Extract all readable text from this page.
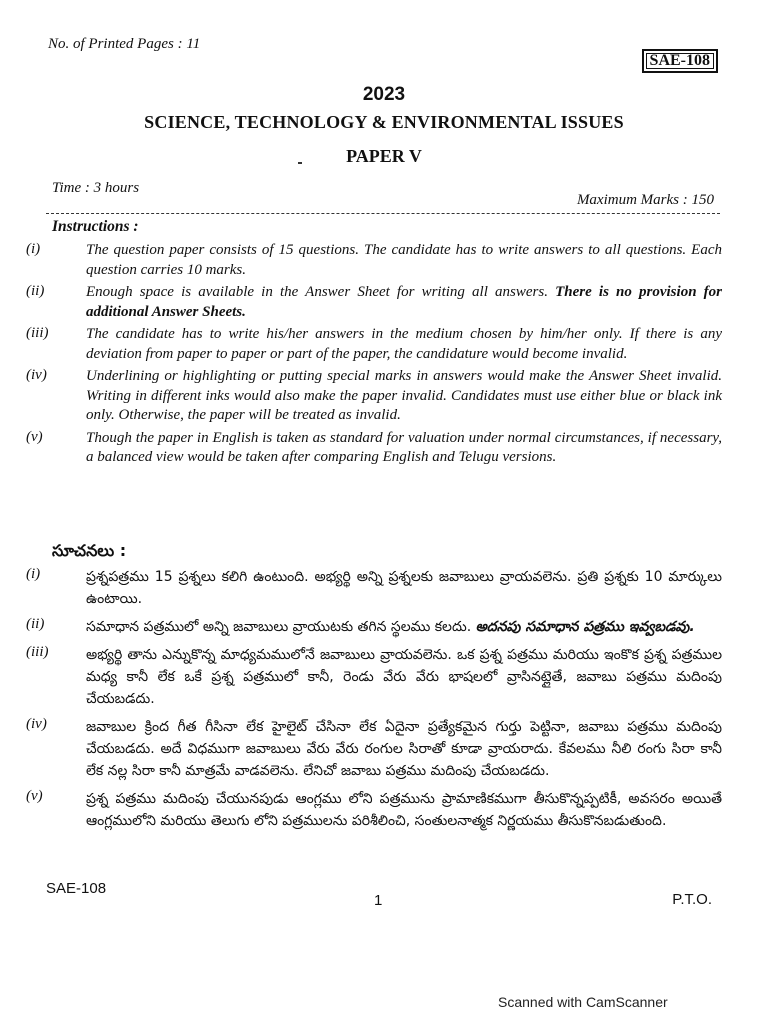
No. of Printed Pages : 11
SAE-108
2023
SCIENCE, TECHNOLOGY & ENVIRONMENTAL ISSUES
PAPER V
Time : 3 hours
Maximum Marks : 150
Instructions :
(i)	The question paper consists of 15 questions. The candidate has to write answers to all questions. Each question carries 10 marks.
(ii)	Enough space is available in the Answer Sheet for writing all answers. There is no provision for additional Answer Sheets.
(iii)	The candidate has to write his/her answers in the medium chosen by him/her only. If there is any deviation from paper to paper or part of the paper, the candidature would become invalid.
(iv)	Underlining or highlighting or putting special marks in answers would make the Answer Sheet invalid. Writing in different inks would also make the paper invalid. Candidates must use either blue or black ink only. Otherwise, the paper will be treated as invalid.
(v)	Though the paper in English is taken as standard for valuation under normal circumstances, if necessary, a balanced view would be taken after comparing English and Telugu versions.
సూచనలు :
(i)	ప్రశ్నపత్రము 15 ప్రశ్నలు కలిగి ఉంటుంది. అభ్యర్థి అన్ని ప్రశ్నలకు జవాబులు వ్రాయవలెను. ప్రతి ప్రశ్నకు 10 మార్కులు ఉంటాయి.
(ii)	సమాధాన పత్రములో అన్ని జవాబులు వ్రాయుటకు తగిన స్థలము కలదు. అదనపు సమాధాన పత్రము ఇవ్వబడవు.
(iii)	అభ్యర్థి తాను ఎన్నుకొన్న మాధ్యమములోనే జవాబులు వ్రాయవలెను. ఒక ప్రశ్న పత్రము మరియు ఇంకొక ప్రశ్న పత్రముల మధ్య కానీ లేక ఒకే ప్రశ్న పత్రములో కానీ, రెండు వేరు వేరు భాషలలో వ్రాసినట్లైతే, జవాబు పత్రము మదింపు చేయబడదు.
(iv)	జవాబుల క్రింద గీత గీసినా లేక హైలైట్ చేసినా లేక ఏదైనా ప్రత్యేకమైన గుర్తు పెట్టినా, జవాబు పత్రము మదింపు చేయబడదు. అదే విధముగా జవాబులు వేరు వేరు రంగుల సిరాతో కూడా వ్రాయరాదు. కేవలము నీలి రంగు సిరా కానీ లేక నల్ల సిరా కానీ మాత్రమే వాడవలెను. లేనిచో జవాబు పత్రము మదింపు చేయబడదు.
(v)	ప్రశ్న పత్రము మదింపు చేయునపుడు ఆంగ్లము లోని పత్రమును ప్రామాణికముగా తీసుకొన్నప్పటికీ, అవసరం అయితే ఆంగ్లములోని మరియు తెలుగు లోని పత్రములను పరిశీలించి, సంతులనాత్మక నిర్ణయము తీసుకొనబడుతుంది.
SAE-108
1	P.T.O.
Scanned with CamScanner
